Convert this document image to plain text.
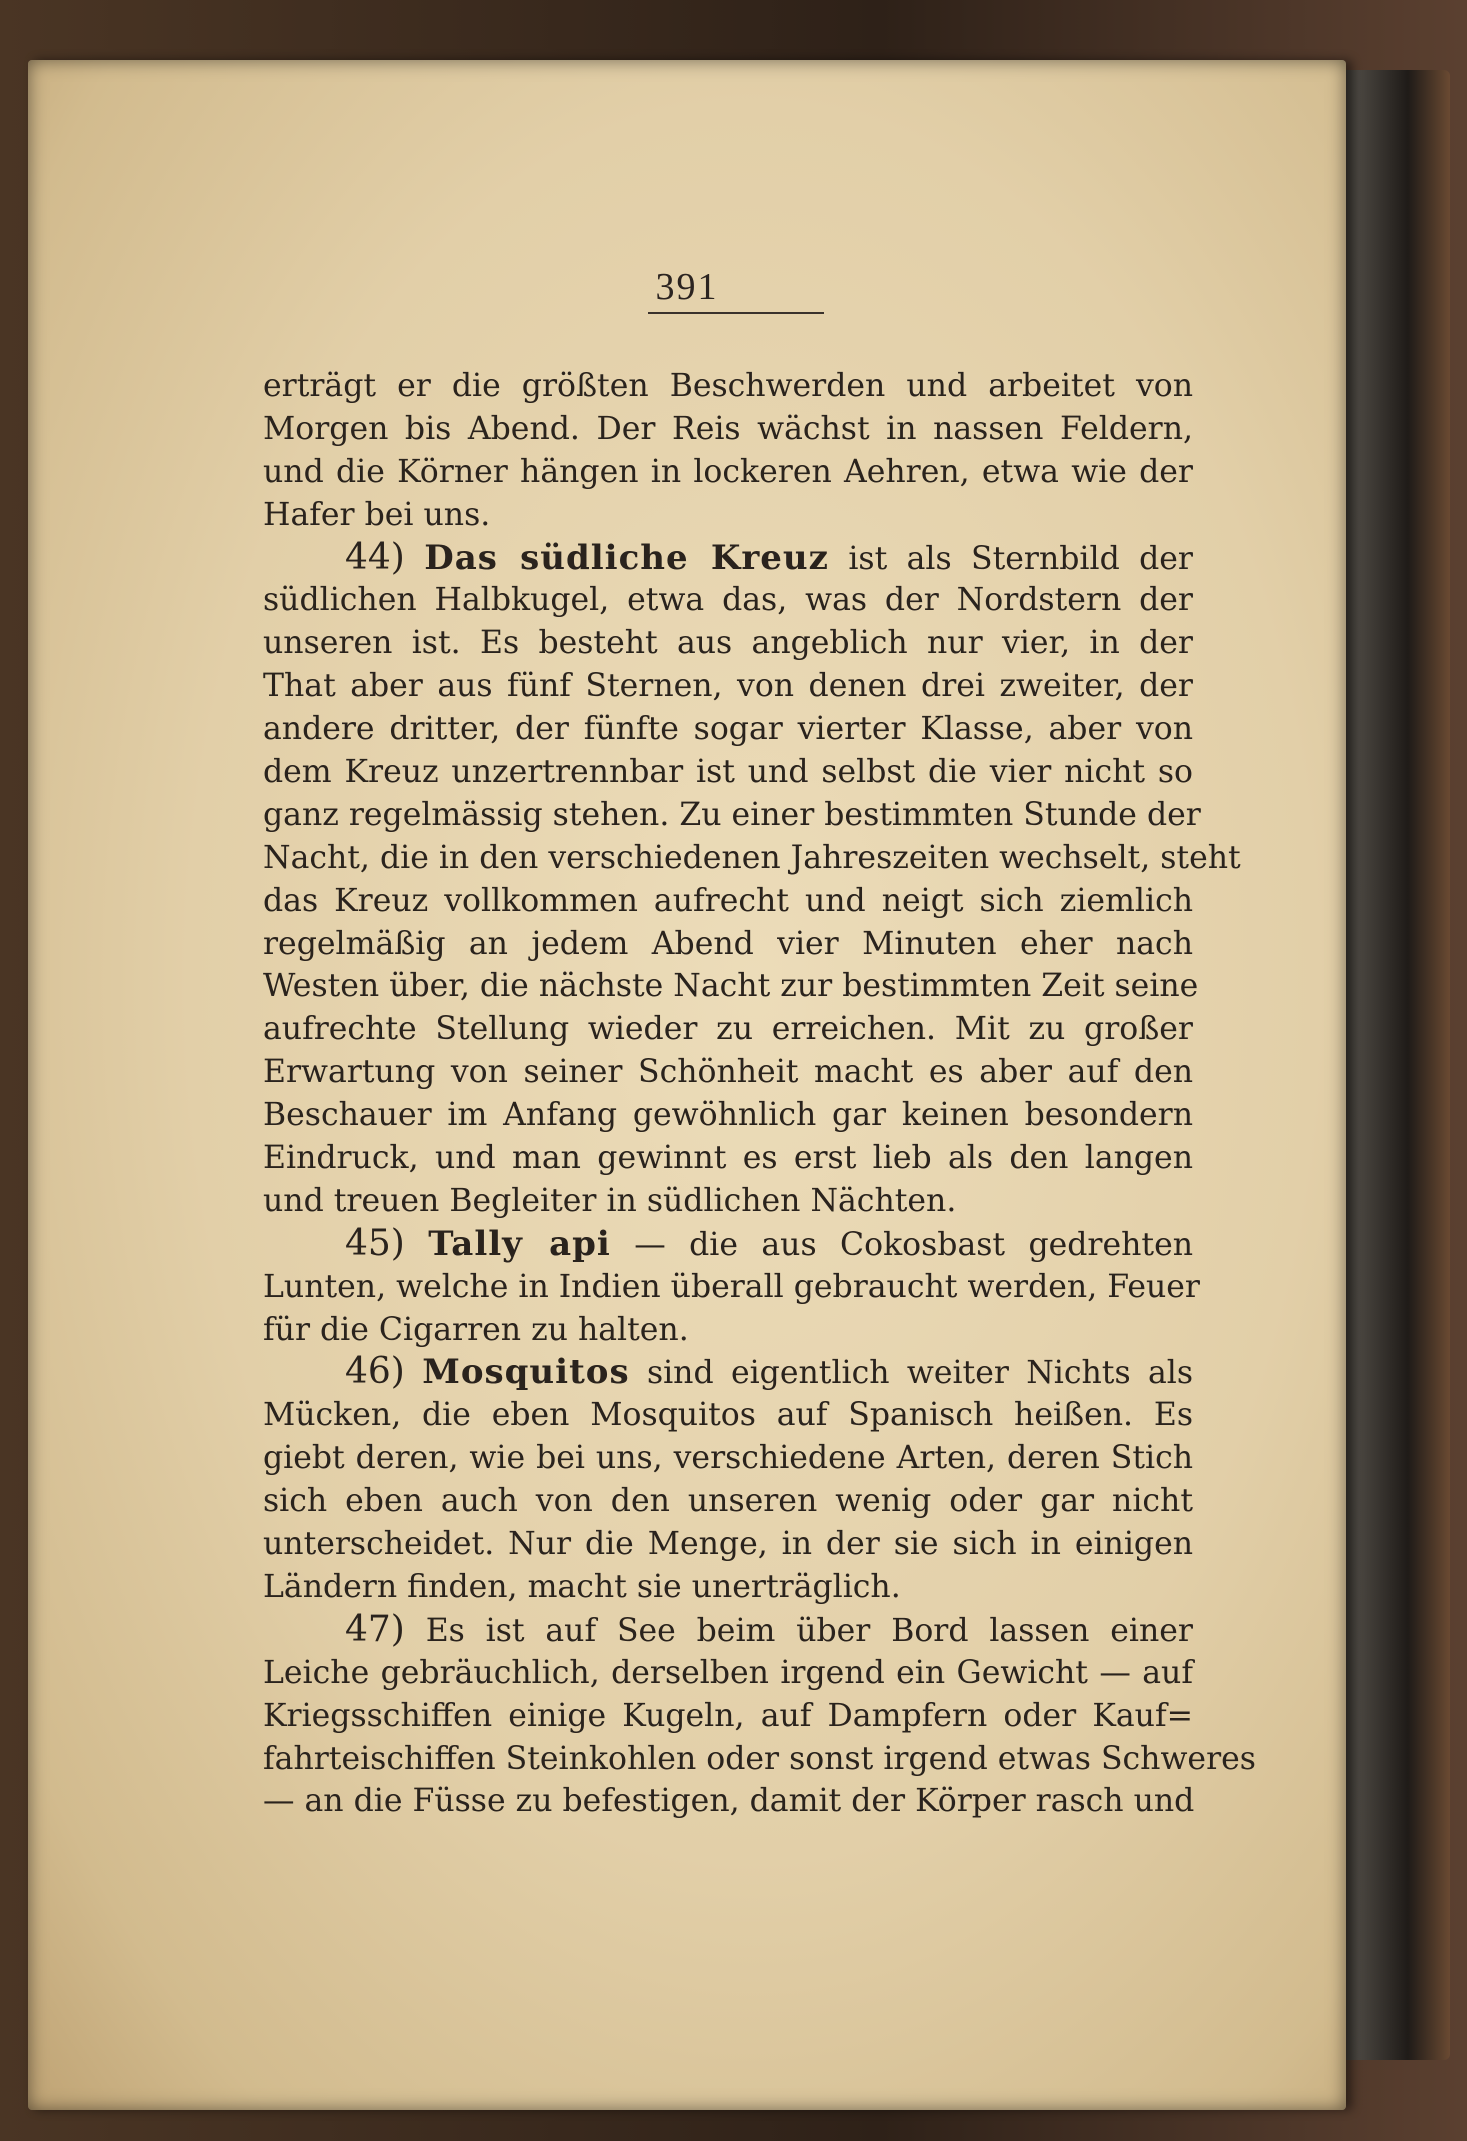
391
erträgt er die größten Beschwerden und arbeitet von
Morgen bis Abend. Der Reis wächst in nassen Feldern,
und die Körner hängen in lockeren Aehren, etwa wie der
Hafer bei uns.
44) Das südliche Kreuz ist als Sternbild der
südlichen Halbkugel, etwa das, was der Nordstern der
unseren ist. Es besteht aus angeblich nur vier, in der
That aber aus fünf Sternen, von denen drei zweiter, der
andere dritter, der fünfte sogar vierter Klasse, aber von
dem Kreuz unzertrennbar ist und selbst die vier nicht so
ganz regelmässig stehen. Zu einer bestimmten Stunde der
Nacht, die in den verschiedenen Jahreszeiten wechselt, steht
das Kreuz vollkommen aufrecht und neigt sich ziemlich
regelmäßig an jedem Abend vier Minuten eher nach
Westen über, die nächste Nacht zur bestimmten Zeit seine
aufrechte Stellung wieder zu erreichen. Mit zu großer
Erwartung von seiner Schönheit macht es aber auf den
Beschauer im Anfang gewöhnlich gar keinen besondern
Eindruck, und man gewinnt es erst lieb als den langen
und treuen Begleiter in südlichen Nächten.
45) Tally api — die aus Cokosbast gedrehten
Lunten, welche in Indien überall gebraucht werden, Feuer
für die Cigarren zu halten.
46) Mosquitos sind eigentlich weiter Nichts als
Mücken, die eben Mosquitos auf Spanisch heißen. Es
giebt deren, wie bei uns, verschiedene Arten, deren Stich
sich eben auch von den unseren wenig oder gar nicht
unterscheidet. Nur die Menge, in der sie sich in einigen
Ländern finden, macht sie unerträglich.
47) Es ist auf See beim über Bord lassen einer
Leiche gebräuchlich, derselben irgend ein Gewicht — auf
Kriegsschiffen einige Kugeln, auf Dampfern oder Kauf=
fahrteischiffen Steinkohlen oder sonst irgend etwas Schweres
— an die Füsse zu befestigen, damit der Körper rasch und
